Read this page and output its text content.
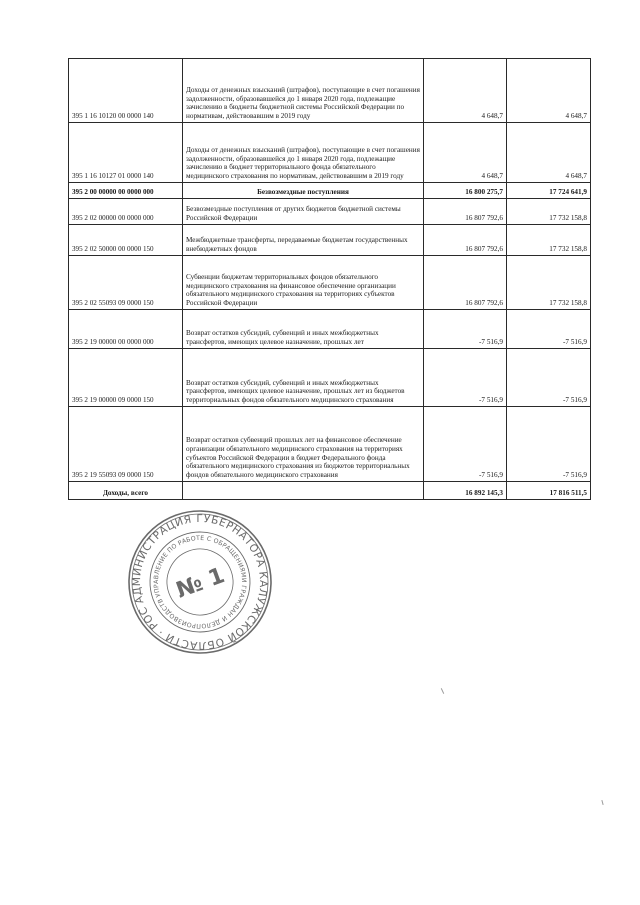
395 1 16 10120 00 0000 140	Доходы от денежных взысканий (штрафов), поступающие в счет погашения задолженности, образовавшейся до 1 января 2020 года, подлежащие зачислению в бюджеты бюджетной системы Российской Федерации по нормативам, действовавшим в 2019 году	4 648,7	4 648,7
395 1 16 10127 01 0000 140	Доходы от денежных взысканий (штрафов), поступающие в счет погашения задолженности, образовавшейся до 1 января 2020 года, подлежащие зачислению в бюджет территориального фонда обязательного медицинского страхования по нормативам, действовавшим в 2019 году	4 648,7	4 648,7
395 2 00 00000 00 0000 000	Безвозмездные поступления	16 800 275,7	17 724 641,9
395 2 02 00000 00 0000 000	Безвозмездные поступления от других бюджетов бюджетной системы Российской Федерации	16 807 792,6	17 732 158,8
395 2 02 50000 00 0000 150	Межбюджетные трансферты, передаваемые бюджетам государственных внебюджетных фондов	16 807 792,6	17 732 158,8
395 2 02 55093 09 0000 150	Субвенции бюджетам территориальных фондов обязательного медицинского страхования на финансовое обеспечение организации обязательного медицинского страхования на территориях субъектов Российской Федерации	16 807 792,6	17 732 158,8
395 2 19 00000 00 0000 000	Возврат остатков субсидий, субвенций и иных межбюджетных трансфертов, имеющих целевое назначение, прошлых лет	-7 516,9	-7 516,9
395 2 19 00000 09 0000 150	Возврат остатков субсидий, субвенций и иных межбюджетных трансфертов, имеющих целевое назначение, прошлых лет из бюджетов территориальных фондов обязательного медицинского страхования	-7 516,9	-7 516,9
395 2 19 55093 09 0000 150	Возврат остатков субвенций прошлых лет на финансовое обеспечение организации обязательного медицинского страхования на территориях субъектов Российской Федерации в бюджет Федерального фонда обязательного медицинского страхования из бюджетов территориальных фондов обязательного медицинского страхования	-7 516,9	-7 516,9
Доходы, всего		16 892 145,3	17 816 511,5
АДМИНИСТРАЦИЯ ГУБЕРНАТОРА КАЛУЖСКОЙ ОБЛАСТИ · РОССИЙСКАЯ
УПРАВЛЕНИЕ ПО РАБОТЕ С ОБРАЩЕНИЯМИ ГРАЖДАН И ДЕЛОПРОИЗВОДСТВА
№ 1
